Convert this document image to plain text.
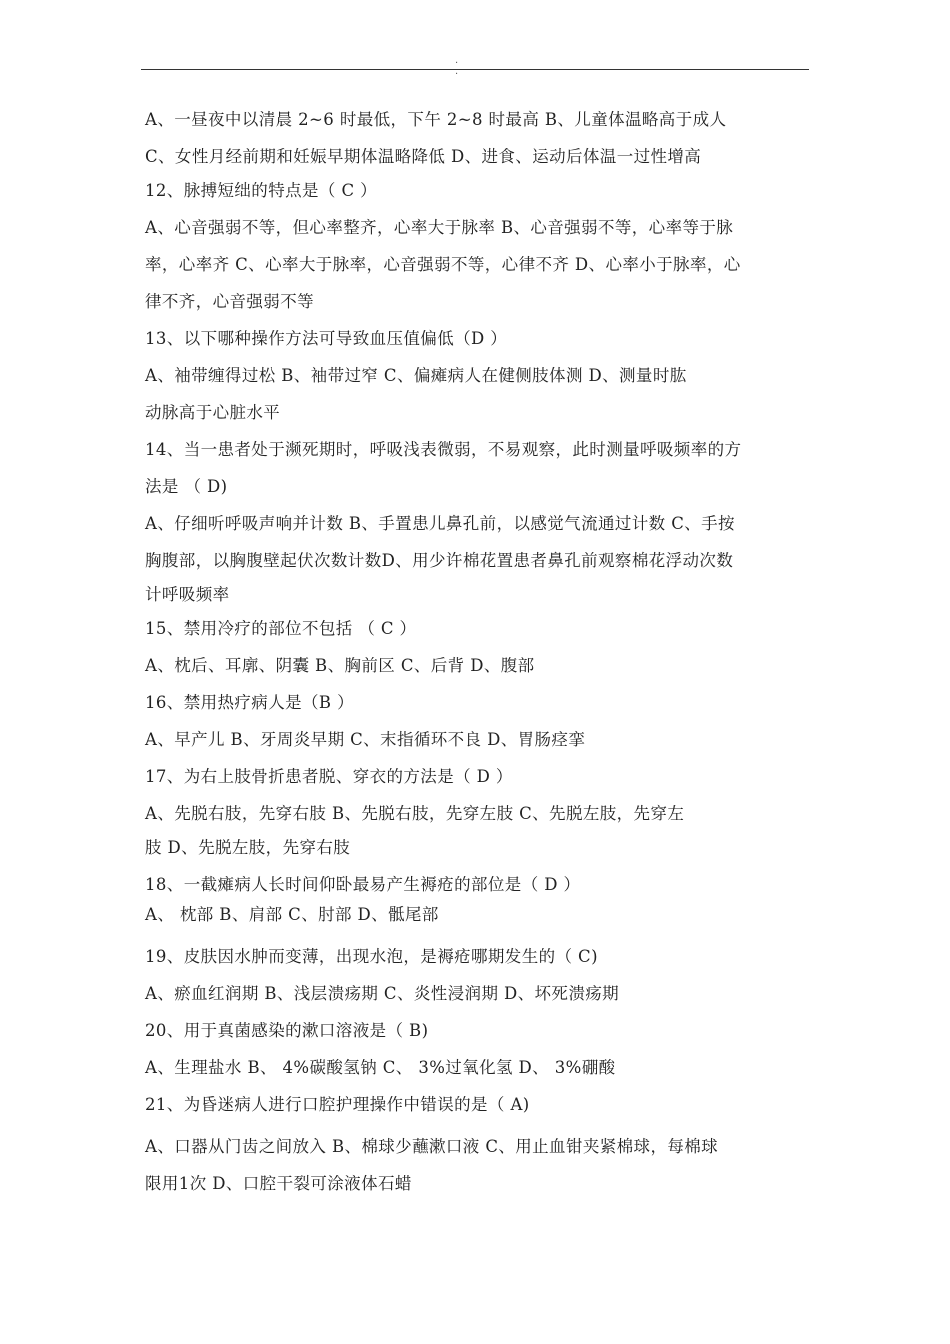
. .
A、一昼夜中以清晨 2~6 时最低，下午 2~8 时最高 B、儿童体温略高于成人
C、女性月经前期和妊娠早期体温略降低 D、进食、运动后体温一过性增高
12、脉搏短绌的特点是（ C ）
A、心音强弱不等，但心率整齐，心率大于脉率 B、心音强弱不等，心率等于脉
率，心率齐 C、心率大于脉率，心音强弱不等，心律不齐 D、心率小于脉率，心
律不齐，心音强弱不等
13、以下哪种操作方法可导致血压值偏低（D ）
A、袖带缠得过松 B、袖带过窄 C、偏瘫病人在健侧肢体测 D、测量时肱
动脉高于心脏水平
14、当一患者处于濒死期时，呼吸浅表微弱，不易观察，此时测量呼吸频率的方
法是 （ D)
A、仔细听呼吸声响并计数 B、手置患儿鼻孔前，以感觉气流通过计数 C、手按
胸腹部，以胸腹壁起伏次数计数D、用少许棉花置患者鼻孔前观察棉花浮动次数
计呼吸频率
15、禁用冷疗的部位不包括 （ C ）
A、枕后、耳廓、阴囊 B、胸前区 C、后背 D、腹部
16、禁用热疗病人是（B ）
A、早产儿 B、牙周炎早期 C、末指循环不良 D、胃肠痉挛
17、为右上肢骨折患者脱、穿衣的方法是（ D ）
A、先脱右肢，先穿右肢 B、先脱右肢，先穿左肢 C、先脱左肢，先穿左
肢 D、先脱左肢，先穿右肢
18、一截瘫病人长时间仰卧最易产生褥疮的部位是（ D ）
A、 枕部 B、肩部 C、肘部 D、骶尾部
19、皮肤因水肿而变薄，出现水泡，是褥疮哪期发生的（ C)
A、瘀血红润期 B、浅层溃疡期 C、炎性浸润期 D、坏死溃疡期
20、用于真菌感染的漱口溶液是（ B)
A、生理盐水 B、 4%碳酸氢钠 C、 3%过氧化氢 D、 3%硼酸
21、为昏迷病人进行口腔护理操作中错误的是（ A)
A、口器从门齿之间放入 B、棉球少蘸漱口液 C、用止血钳夹紧棉球，每棉球
限用1次 D、口腔干裂可涂液体石蜡
